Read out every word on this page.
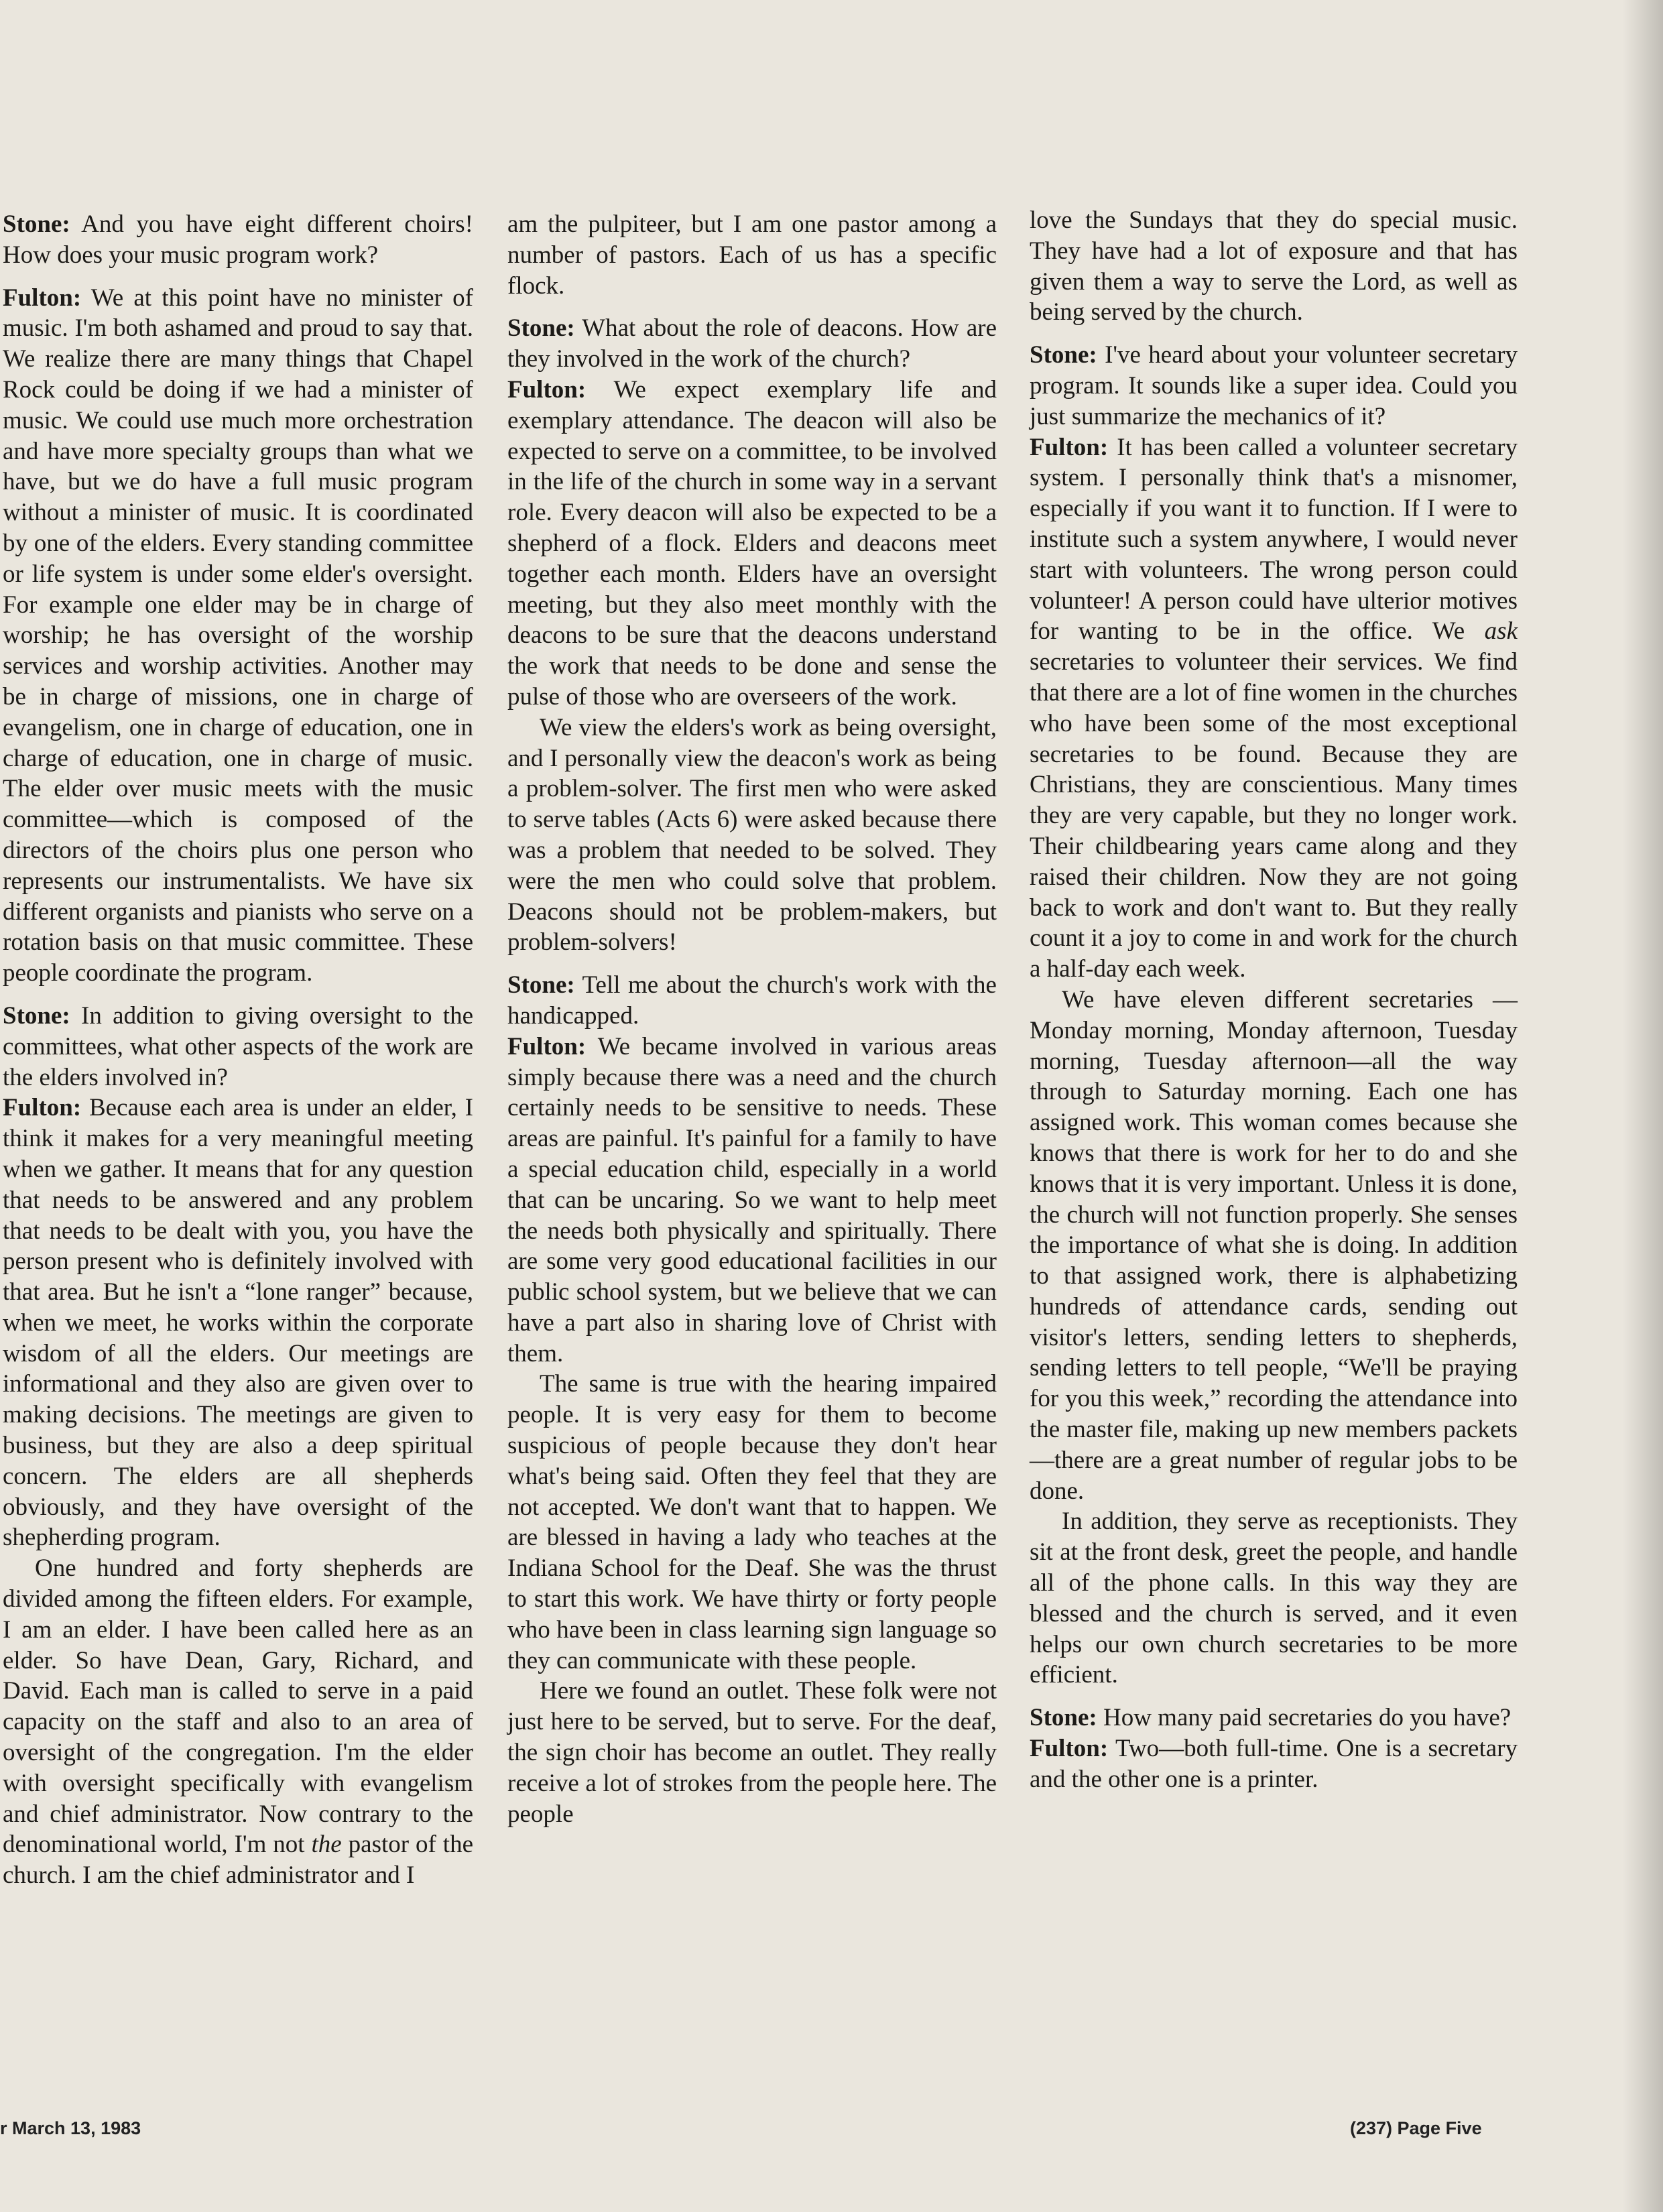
Stone: And you have eight different choirs! How does your music program work?

Fulton: We at this point have no minister of music. I'm both ashamed and proud to say that. We realize there are many things that Chapel Rock could be doing if we had a minister of music. We could use much more orchestration and have more specialty groups than what we have, but we do have a full music program without a minister of music. It is coordinated by one of the elders. Every standing committee or life system is under some elder's oversight. For example one elder may be in charge of worship; he has oversight of the worship services and worship activities. Another may be in charge of missions, one in charge of evangelism, one in charge of education, one in charge of education, one in charge of music. The elder over music meets with the music committee—which is composed of the directors of the choirs plus one person who represents our instrumentalists. We have six different organists and pianists who serve on a rotation basis on that music committee. These people coordinate the program.

Stone: In addition to giving oversight to the committees, what other aspects of the work are the elders involved in?

Fulton: Because each area is under an elder, I think it makes for a very meaningful meeting when we gather. It means that for any question that needs to be answered and any problem that needs to be dealt with you, you have the person present who is definitely involved with that area. But he isn't a “lone ranger” because, when we meet, he works within the corporate wisdom of all the elders. Our meetings are informational and they also are given over to making decisions. The meetings are given to business, but they are also a deep spiritual concern. The elders are all shepherds obviously, and they have oversight of the shepherding program.

One hundred and forty shepherds are divided among the fifteen elders. For example, I am an elder. I have been called here as an elder. So have Dean, Gary, Richard, and David. Each man is called to serve in a paid capacity on the staff and also to an area of oversight of the congregation. I'm the elder with oversight specifically with evangelism and chief administrator. Now contrary to the denominational world, I'm not the pastor of the church. I am the chief administrator and I

am the pulpiteer, but I am one pastor among a number of pastors. Each of us has a specific flock.

Stone: What about the role of deacons. How are they involved in the work of the church?

Fulton: We expect exemplary life and exemplary attendance. The deacon will also be expected to serve on a committee, to be involved in the life of the church in some way in a servant role. Every deacon will also be expected to be a shepherd of a flock. Elders and deacons meet together each month. Elders have an oversight meeting, but they also meet monthly with the deacons to be sure that the deacons understand the work that needs to be done and sense the pulse of those who are overseers of the work.

We view the elders's work as being oversight, and I personally view the deacon's work as being a problem-solver. The first men who were asked to serve tables (Acts 6) were asked because there was a problem that needed to be solved. They were the men who could solve that problem. Deacons should not be problem-makers, but problem-solvers!

Stone: Tell me about the church's work with the handicapped.

Fulton: We became involved in various areas simply because there was a need and the church certainly needs to be sensitive to needs. These areas are painful. It's painful for a family to have a special education child, especially in a world that can be uncaring. So we want to help meet the needs both physically and spiritually. There are some very good educational facilities in our public school system, but we believe that we can have a part also in sharing love of Christ with them.

The same is true with the hearing impaired people. It is very easy for them to become suspicious of people because they don't hear what's being said. Often they feel that they are not accepted. We don't want that to happen. We are blessed in having a lady who teaches at the Indiana School for the Deaf. She was the thrust to start this work. We have thirty or forty people who have been in class learning sign language so they can communicate with these people.

Here we found an outlet. These folk were not just here to be served, but to serve. For the deaf, the sign choir has become an outlet. They really receive a lot of strokes from the people here. The people

love the Sundays that they do special music. They have had a lot of exposure and that has given them a way to serve the Lord, as well as being served by the church.

Stone: I've heard about your volunteer secretary program. It sounds like a super idea. Could you just summarize the mechanics of it?

Fulton: It has been called a volunteer secretary system. I personally think that's a misnomer, especially if you want it to function. If I were to institute such a system anywhere, I would never start with volunteers. The wrong person could volunteer! A person could have ulterior motives for wanting to be in the office. We ask secretaries to volunteer their services. We find that there are a lot of fine women in the churches who have been some of the most exceptional secretaries to be found. Because they are Christians, they are conscientious. Many times they are very capable, but they no longer work. Their childbearing years came along and they raised their children. Now they are not going back to work and don't want to. But they really count it a joy to come in and work for the church a half-day each week.

We have eleven different secretaries —Monday morning, Monday afternoon, Tuesday morning, Tuesday afternoon—all the way through to Saturday morning. Each one has assigned work. This woman comes because she knows that there is work for her to do and she knows that it is very important. Unless it is done, the church will not function properly. She senses the importance of what she is doing. In addition to that assigned work, there is alphabetizing hundreds of attendance cards, sending out visitor's letters, sending letters to shepherds, sending letters to tell people, “We'll be praying for you this week,” recording the attendance into the master file, making up new members packets—there are a great number of regular jobs to be done.

In addition, they serve as receptionists. They sit at the front desk, greet the people, and handle all of the phone calls. In this way they are blessed and the church is served, and it even helps our own church secretaries to be more efficient.

Stone: How many paid secretaries do you have?

Fulton: Two—both full-time. One is a secretary and the other one is a printer.

r March 13, 1983	(237) Page Five
